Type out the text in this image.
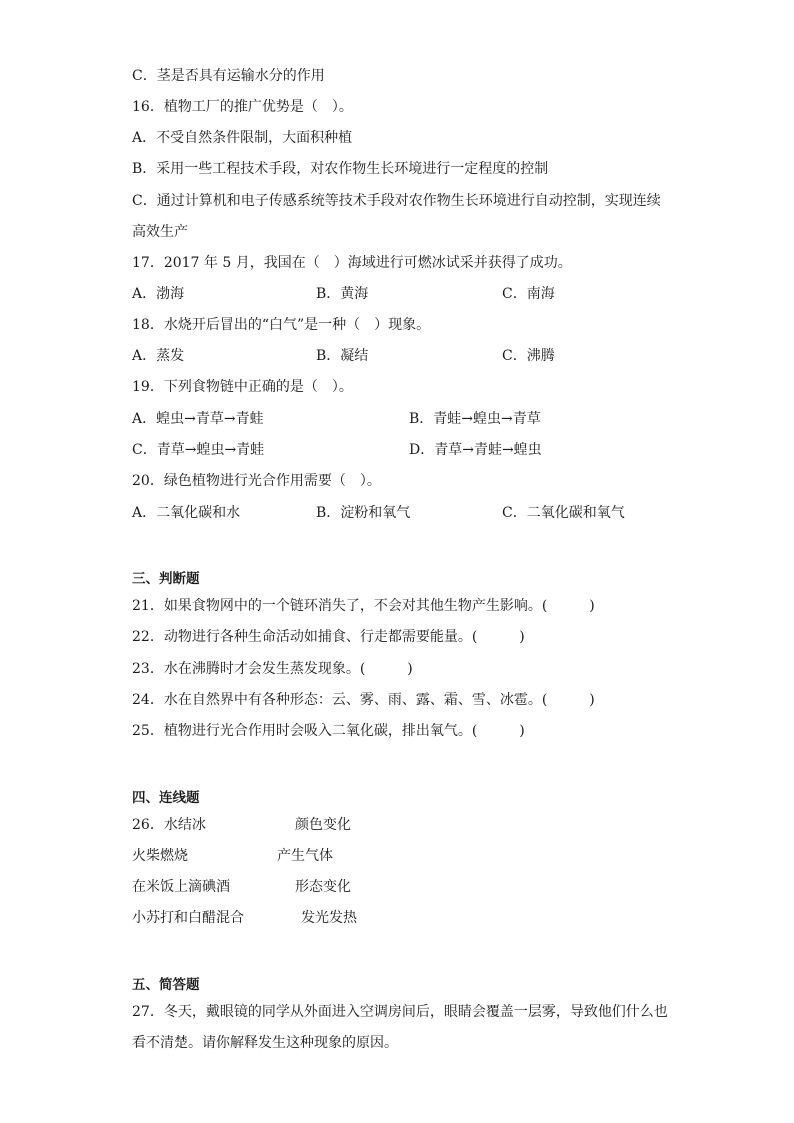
C．茎是否具有运输水分的作用
16．植物工厂的推广优势是（　）。
A．不受自然条件限制，大面积种植
B．采用一些工程技术手段，对农作物生长环境进行一定程度的控制
C．通过计算机和电子传感系统等技术手段对农作物生长环境进行自动控制，实现连续
高效生产
17．2017 年 5 月，我国在（　）海域进行可燃冰试采并获得了成功。
A．渤海	B．黄海	C．南海
18．水烧开后冒出的“白气”是一种（　）现象。
A．蒸发	B．凝结	C．沸腾
19．下列食物链中正确的是（　）。
A．蝗虫→青草→青蛙	B．青蛙→蝗虫→青草
C．青草→蝗虫→青蛙	D．青草→青蛙→蝗虫
20．绿色植物进行光合作用需要（　）。
A．二氧化碳和水	B．淀粉和氧气	C．二氧化碳和氧气
三、判断题
21．如果食物网中的一个链环消失了，不会对其他生物产生影响。(　　　)
22．动物进行各种生命活动如捕食、行走都需要能量。(　　　)
23．水在沸腾时才会发生蒸发现象。(　　　)
24．水在自然界中有各种形态：云、雾、雨、露、霜、雪、冰雹。(　　　)
25．植物进行光合作用时会吸入二氧化碳，排出氧气。(　　　)
四、连线题
26．水结冰	颜色变化
火柴燃烧	产生气体
在米饭上滴碘酒	形态变化
小苏打和白醋混合	发光发热
五、简答题
27．冬天，戴眼镜的同学从外面进入空调房间后，眼睛会覆盖一层雾，导致他们什么也
看不清楚。请你解释发生这种现象的原因。
